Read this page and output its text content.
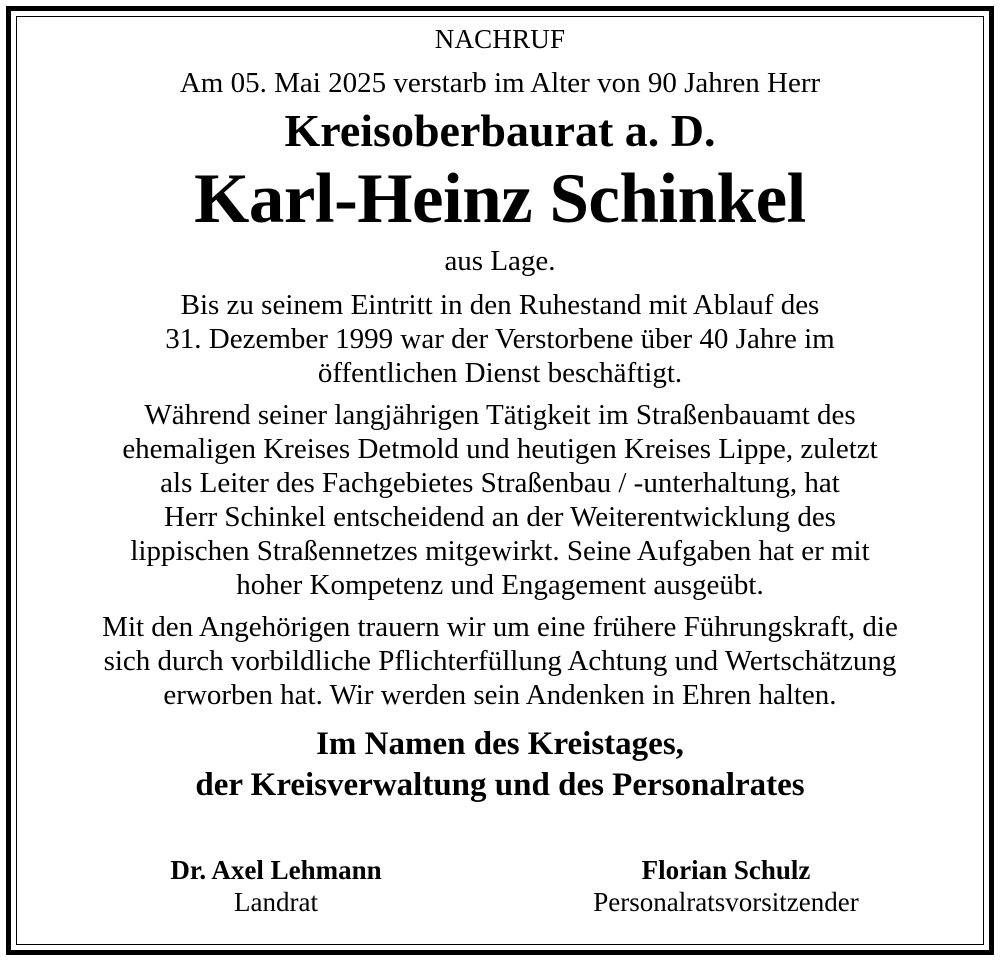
NACHRUF
Am 05. Mai 2025 verstarb im Alter von 90 Jahren Herr
Kreisoberbaurat a. D.
Karl-Heinz Schinkel
aus Lage.
Bis zu seinem Eintritt in den Ruhestand mit Ablauf des
31. Dezember 1999 war der Verstorbene über 40 Jahre im
öffentlichen Dienst beschäftigt.
Während seiner langjährigen Tätigkeit im Straßenbauamt des
ehemaligen Kreises Detmold und heutigen Kreises Lippe, zuletzt
als Leiter des Fachgebietes Straßenbau / -unterhaltung, hat
Herr Schinkel entscheidend an der Weiterentwicklung des
lippischen Straßennetzes mitgewirkt. Seine Aufgaben hat er mit
hoher Kompetenz und Engagement ausgeübt.
Mit den Angehörigen trauern wir um eine frühere Führungskraft, die
sich durch vorbildliche Pflichterfüllung Achtung und Wertschätzung
erworben hat. Wir werden sein Andenken in Ehren halten.
Im Namen des Kreistages,
der Kreisverwaltung und des Personalrates
Dr. Axel Lehmann
Landrat
Florian Schulz
Personalratsvorsitzender
